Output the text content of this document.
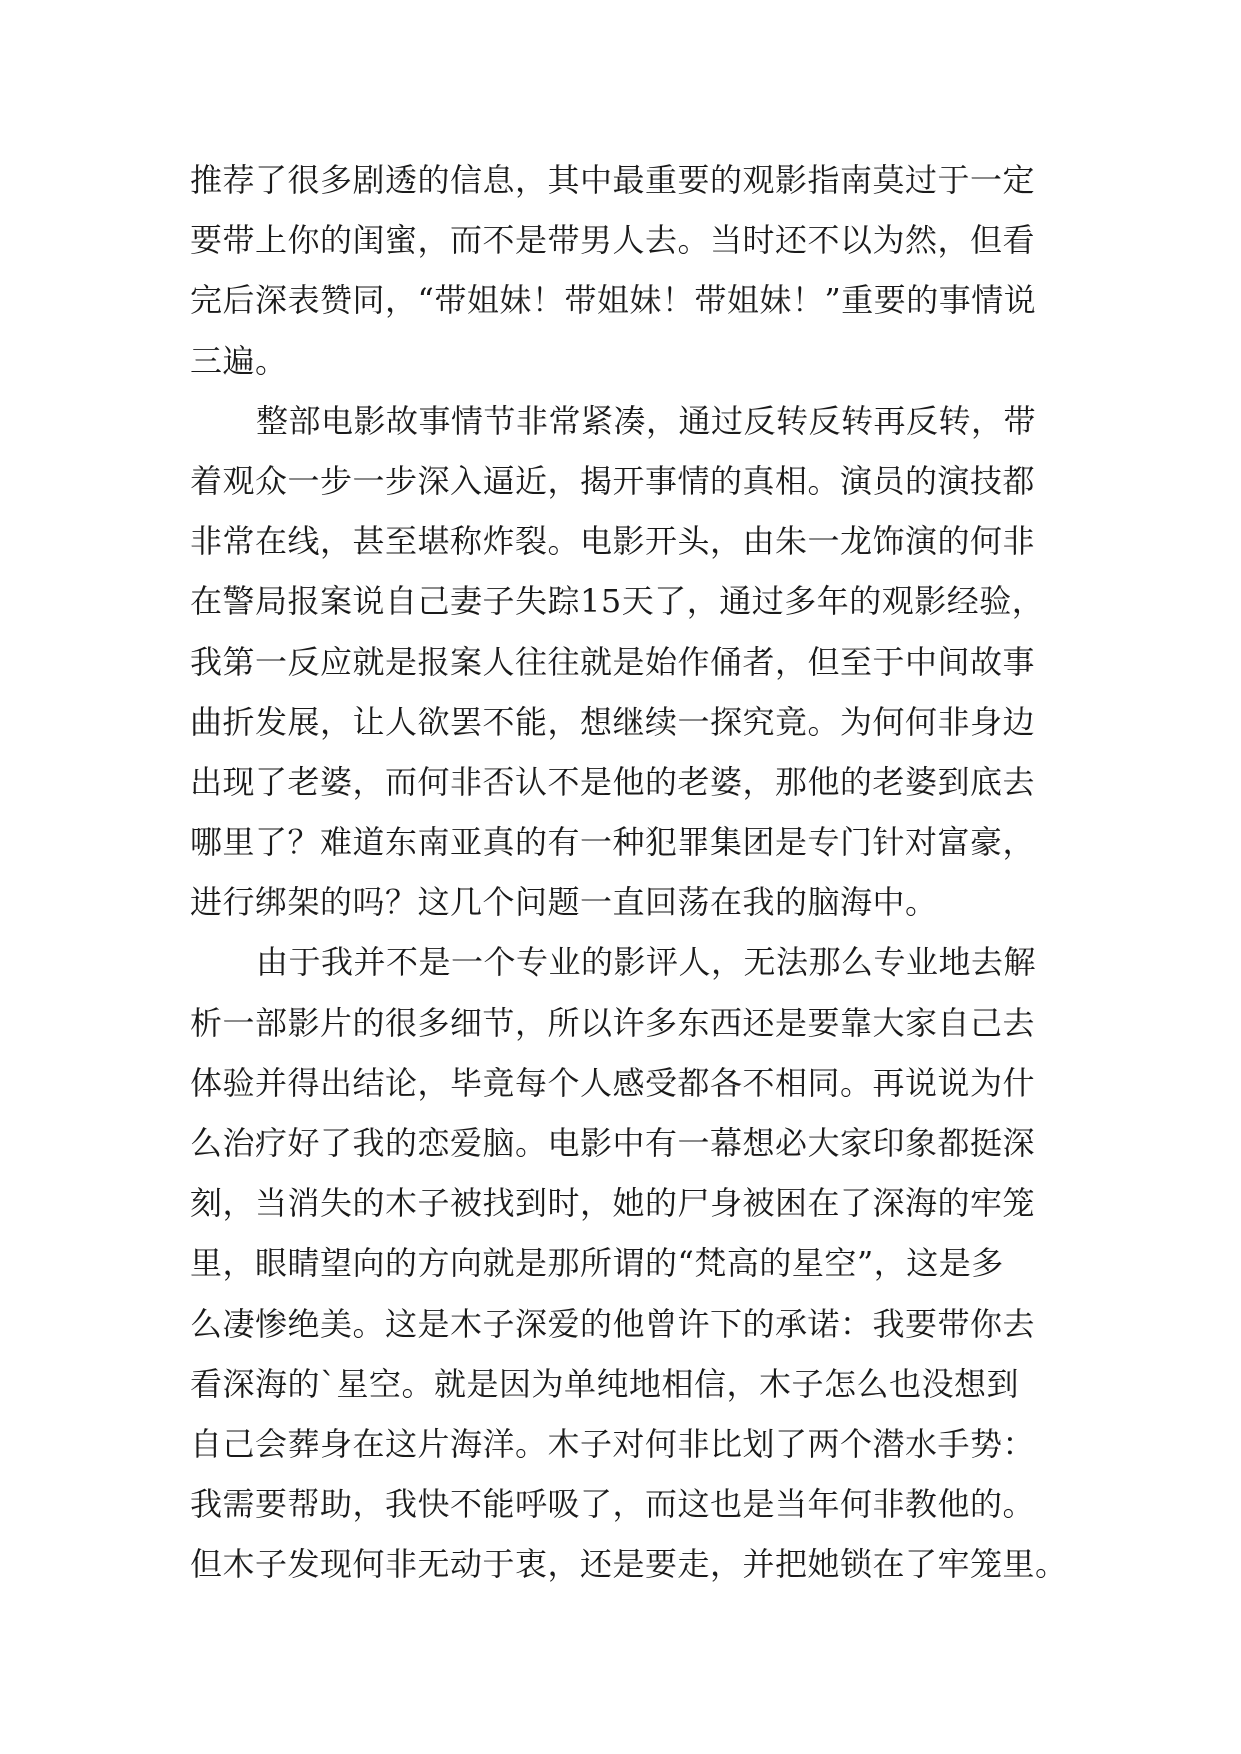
推荐了很多剧透的信息，其中最重要的观影指南莫过于一定
要带上你的闺蜜，而不是带男人去。当时还不以为然，但看
完后深表赞同，“带姐妹！带姐妹！带姐妹！”重要的事情说
三遍。
整部电影故事情节非常紧凑，通过反转反转再反转，带
着观众一步一步深入逼近，揭开事情的真相。演员的演技都
非常在线，甚至堪称炸裂。电影开头，由朱一龙饰演的何非
在警局报案说自己妻子失踪15天了，通过多年的观影经验，
我第一反应就是报案人往往就是始作俑者，但至于中间故事
曲折发展，让人欲罢不能，想继续一探究竟。为何何非身边
出现了老婆，而何非否认不是他的老婆，那他的老婆到底去
哪里了？难道东南亚真的有一种犯罪集团是专门针对富豪，
进行绑架的吗？这几个问题一直回荡在我的脑海中。
由于我并不是一个专业的影评人，无法那么专业地去解
析一部影片的很多细节，所以许多东西还是要靠大家自己去
体验并得出结论，毕竟每个人感受都各不相同。再说说为什
么治疗好了我的恋爱脑。电影中有一幕想必大家印象都挺深
刻，当消失的木子被找到时，她的尸身被困在了深海的牢笼
里，眼睛望向的方向就是那所谓的“梵高的星空”，这是多
么凄惨绝美。这是木子深爱的他曾许下的承诺：我要带你去
看深海的`星空。就是因为单纯地相信，木子怎么也没想到
自己会葬身在这片海洋。木子对何非比划了两个潜水手势：
我需要帮助，我快不能呼吸了，而这也是当年何非教他的。
但木子发现何非无动于衷，还是要走，并把她锁在了牢笼里。
